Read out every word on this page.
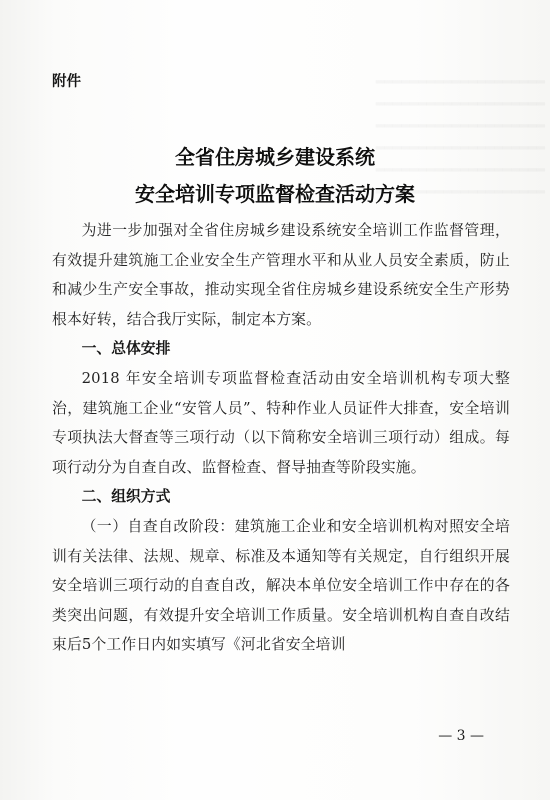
▂▂▂▂▂▂▂▂▂▂▂▂▂▂▂▂▂▂▂▂
▂▂▂▂▂▂▂▂▂▂▂▂▂▂▂▂▂▂▂▂
▂▂▂▂▂▂▂▂▂▂▂▂▂▂▂▂▂▂▂▂
▂▂▂▂▂▂▂▂▂▂▂▂▂▂▂▂▂▂▂▂
▂▂▂▂▂▂▂▂▂▂▂▂▂▂▂▂▂▂▂▂
▂▂▂▂▂▂▂▂▂▂▂▂▂▂▂▂▂▂▂▂
附件
全省住房城乡建设系统
安全培训专项监督检查活动方案

为进一步加强对全省住房城乡建设系统安全培训工作监督管理，有效提升建筑施工企业安全生产管理水平和从业人员安全素质，防止和减少生产安全事故，推动实现全省住房城乡建设系统安全生产形势根本好转，结合我厅实际，制定本方案。

一、总体安排

2018 年安全培训专项监督检查活动由安全培训机构专项大整治，建筑施工企业“安管人员”、特种作业人员证件大排查，安全培训专项执法大督查等三项行动（以下简称安全培训三项行动）组成。每项行动分为自查自改、监督检查、督导抽查等阶段实施。

二、组织方式

（一）自查自改阶段：建筑施工企业和安全培训机构对照安全培训有关法律、法规、规章、标准及本通知等有关规定，自行组织开展安全培训三项行动的自查自改，解决本单位安全培训工作中存在的各类突出问题，有效提升安全培训工作质量。安全培训机构自查自改结束后5个工作日内如实填写《河北省安全培训

— 3 —
